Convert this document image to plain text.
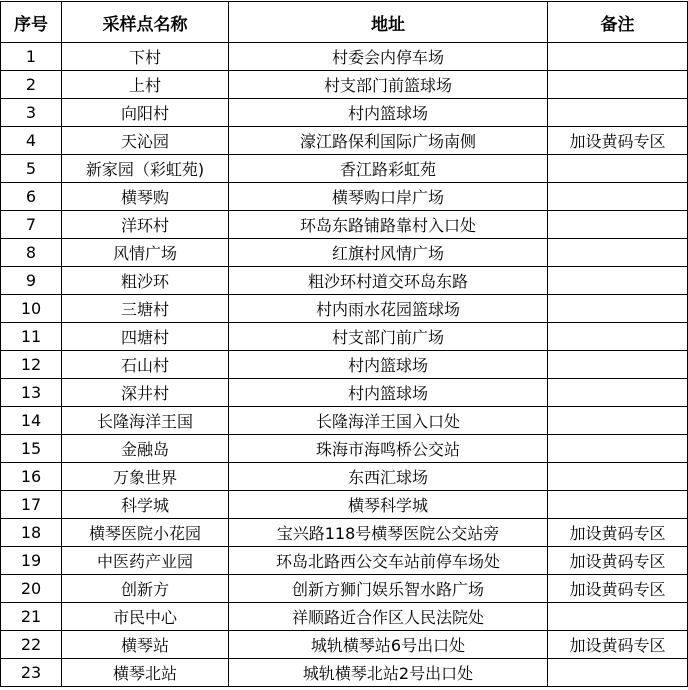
序号	采样点名称	地址	备注
1	下村	村委会内停车场	
2	上村	村支部门前篮球场	
3	向阳村	村内篮球场	
4	天沁园	濠江路保利国际广场南侧	加设黄码专区
5	新家园（彩虹苑)	香江路彩虹苑	
6	横琴购	横琴购口岸广场	
7	洋环村	环岛东路铺路靠村入口处	
8	风情广场	红旗村风情广场	
9	粗沙环	粗沙环村道交环岛东路	
10	三塘村	村内雨水花园篮球场	
11	四塘村	村支部门前广场	
12	石山村	村内篮球场	
13	深井村	村内篮球场	
14	长隆海洋王国	长隆海洋王国入口处	
15	金融岛	珠海市海鸣桥公交站	
16	万象世界	东西汇球场	
17	科学城	横琴科学城	
18	横琴医院小花园	宝兴路118号横琴医院公交站旁	加设黄码专区
19	中医药产业园	环岛北路西公交车站前停车场处	加设黄码专区
20	创新方	创新方狮门娱乐智水路广场	加设黄码专区
21	市民中心	祥顺路近合作区人民法院处	
22	横琴站	城轨横琴站6号出口处	加设黄码专区
23	横琴北站	城轨横琴北站2号出口处	
